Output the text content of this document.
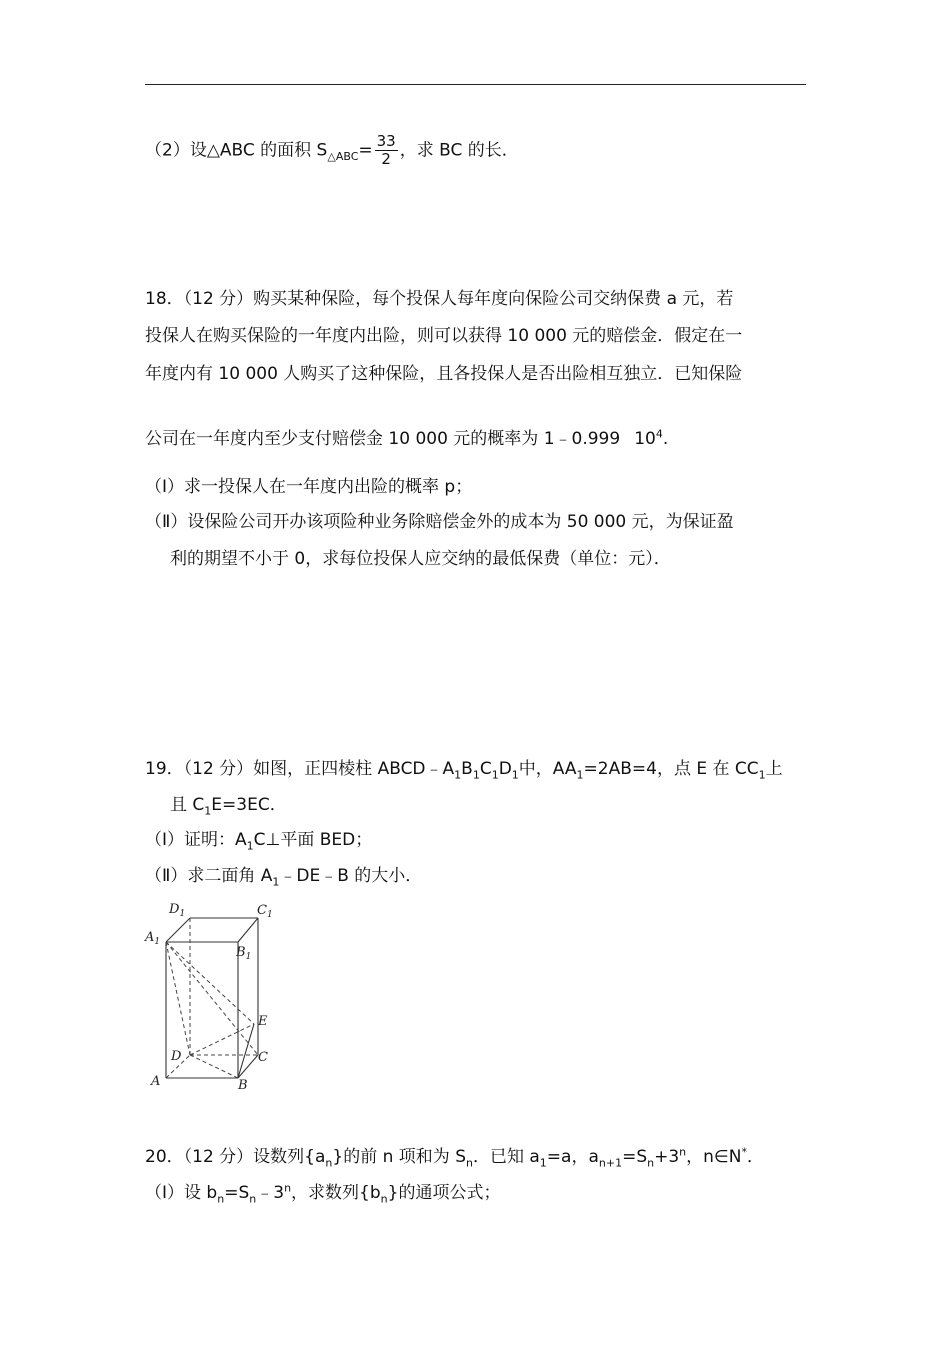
（2）设△ABC 的面积 $S_{\triangle ABC}= \frac{33}{2}$ ，求 BC 的长．
18．（12 分）购买某种保险，每个投保人每年度向保险公司交纳保费 a 元，若
投保人在购买保险的一年度内出险，则可以获得 10 000 元的赔偿金．假定在一
年度内有 10 000 人购买了这种保险，且各投保人是否出险相互独立．已知保险
公司在一年度内至少支付赔偿金 10 000 元的概率为 1﹣0.999 $10^4$.
（Ⅰ）求一投保人在一年度内出险的概率 p；
（Ⅱ）设保险公司开办该项险种业务除赔偿金外的成本为 50 000 元，为保证盈
利的期望不小于 0，求每位投保人应交纳的最低保费（单位：元）．
19．（12 分）如图，正四棱柱 $ABCD﹣A_1B_1C_1D_1$中，$AA_1=2AB=4$，点 E 在 $CC_1$上
且 $C_1E=3EC$．
（Ⅰ）证明：$A_1C\perp$平面 BED；
（Ⅱ）求二面角 $A_1﹣DE﹣B$ 的大小．
$D_1$	$C_1$
$A_1$
$B_1$
E
D	C
A	B
20．（12 分）设数列$\{a_n\}$的前 n 项和为 $S_n$．已知 $a_1=a$，$a_{n+1}=S_n+3^n$，n∈N*．
（Ⅰ）设 $b_n=S_n﹣3^n$，求数列$\{b_n\}$的通项公式；
